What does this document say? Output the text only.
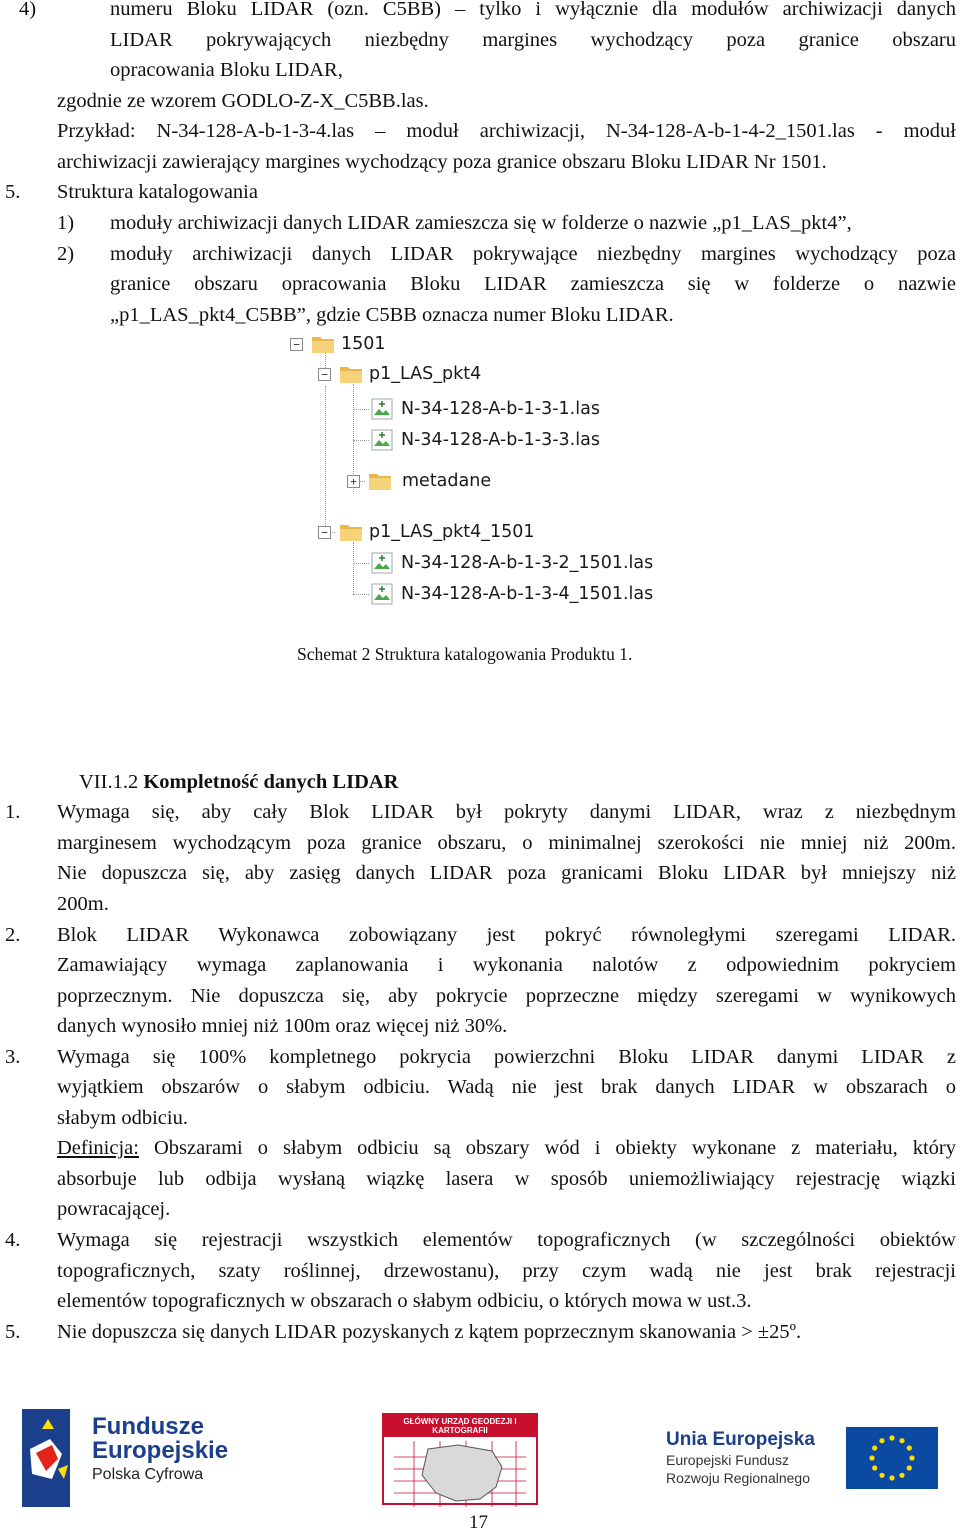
4)	numeru Bloku LIDAR (ozn. C5BB) – tylko i wyłącznie dla modułów archiwizacji danych
LIDAR pokrywających niezbędny margines wychodzący poza granice obszaru
opracowania Bloku LIDAR,
zgodnie ze wzorem GODLO-Z-X_C5BB.las.
Przykład: N-34-128-A-b-1-3-4.las – moduł archiwizacji, N-34-128-A-b-1-4-2_1501.las - moduł
archiwizacji zawierający margines wychodzący poza granice obszaru Bloku LIDAR Nr 1501.
5. Struktura katalogowania
1) moduły archiwizacji danych LIDAR zamieszcza się w folderze o nazwie „p1_LAS_pkt4”,
2) moduły archiwizacji danych LIDAR pokrywające niezbędny margines wychodzący poza
granice obszaru opracowania Bloku LIDAR zamieszcza się w folderze o nazwie
„p1_LAS_pkt4_C5BB”, gdzie C5BB oznacza numer Bloku LIDAR.
− 1501
− p1_LAS_pkt4
N-34-128-A-b-1-3-1.las
N-34-128-A-b-1-3-3.las
+	metadane
− p1_LAS_pkt4_1501
N-34-128-A-b-1-3-2_1501.las
N-34-128-A-b-1-3-4_1501.las
Schemat 2 Struktura katalogowania Produktu 1.
VII.1.2 Kompletność danych LIDAR
1. Wymaga się, aby cały Blok LIDAR był pokryty danymi LIDAR, wraz z niezbędnym
marginesem wychodzącym poza granice obszaru, o minimalnej szerokości nie mniej niż 200m.
Nie dopuszcza się, aby zasięg danych LIDAR poza granicami Bloku LIDAR był mniejszy niż
200m.
2. Blok LIDAR Wykonawca zobowiązany jest pokryć równoległymi szeregami LIDAR.
Zamawiający wymaga zaplanowania i wykonania nalotów z odpowiednim pokryciem
poprzecznym. Nie dopuszcza się, aby pokrycie poprzeczne między szeregami w wynikowych
danych wynosiło mniej niż 100m oraz więcej niż 30%.
3. Wymaga się 100% kompletnego pokrycia powierzchni Bloku LIDAR danymi LIDAR z
wyjątkiem obszarów o słabym odbiciu. Wadą nie jest brak danych LIDAR w obszarach o
słabym odbiciu.
Definicja: Obszarami o słabym odbiciu są obszary wód i obiekty wykonane z materiału, który
absorbuje lub odbija wysłaną wiązkę lasera w sposób uniemożliwiający rejestrację wiązki
powracającej.
4. Wymaga się rejestracji wszystkich elementów topograficznych (w szczególności obiektów
topograficznych, szaty roślinnej, drzewostanu), przy czym wadą nie jest brak rejestracji
elementów topograficznych w obszarach o słabym odbiciu, o których mowa w ust.3.
5. Nie dopuszcza się danych LIDAR pozyskanych z kątem poprzecznym skanowania > ±25º.
Fundusze
Europejskie
Polska Cyfrowa
GŁÓWNY URZĄD GEODEZJI I KARTOGRAFII	Unia Europejska
Europejski Fundusz
Rozwoju Regionalnego
17
